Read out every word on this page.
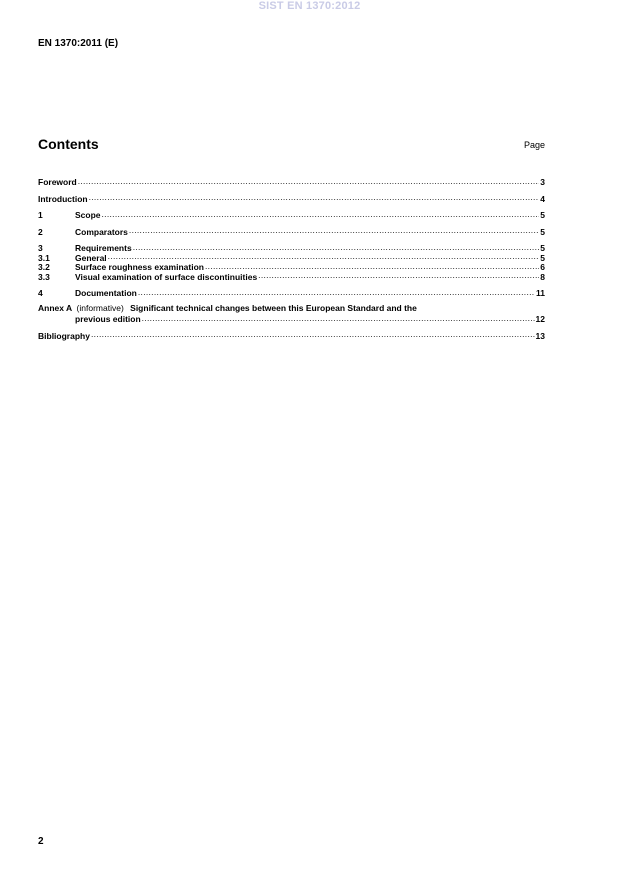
SIST EN 1370:2012
EN 1370:2011 (E)
Contents	Page
Foreword .....	3
Introduction .....	4
1	Scope .....	5
2	Comparators .....	5
3	Requirements .....	5
3.1	General .....	5
3.2	Surface roughness examination .....	6
3.3	Visual examination of surface discontinuities .....	8
4	Documentation .....	11
Annex A (informative) Significant technical changes between this European Standard and the
previous edition .....	12
Bibliography .....	13
2
